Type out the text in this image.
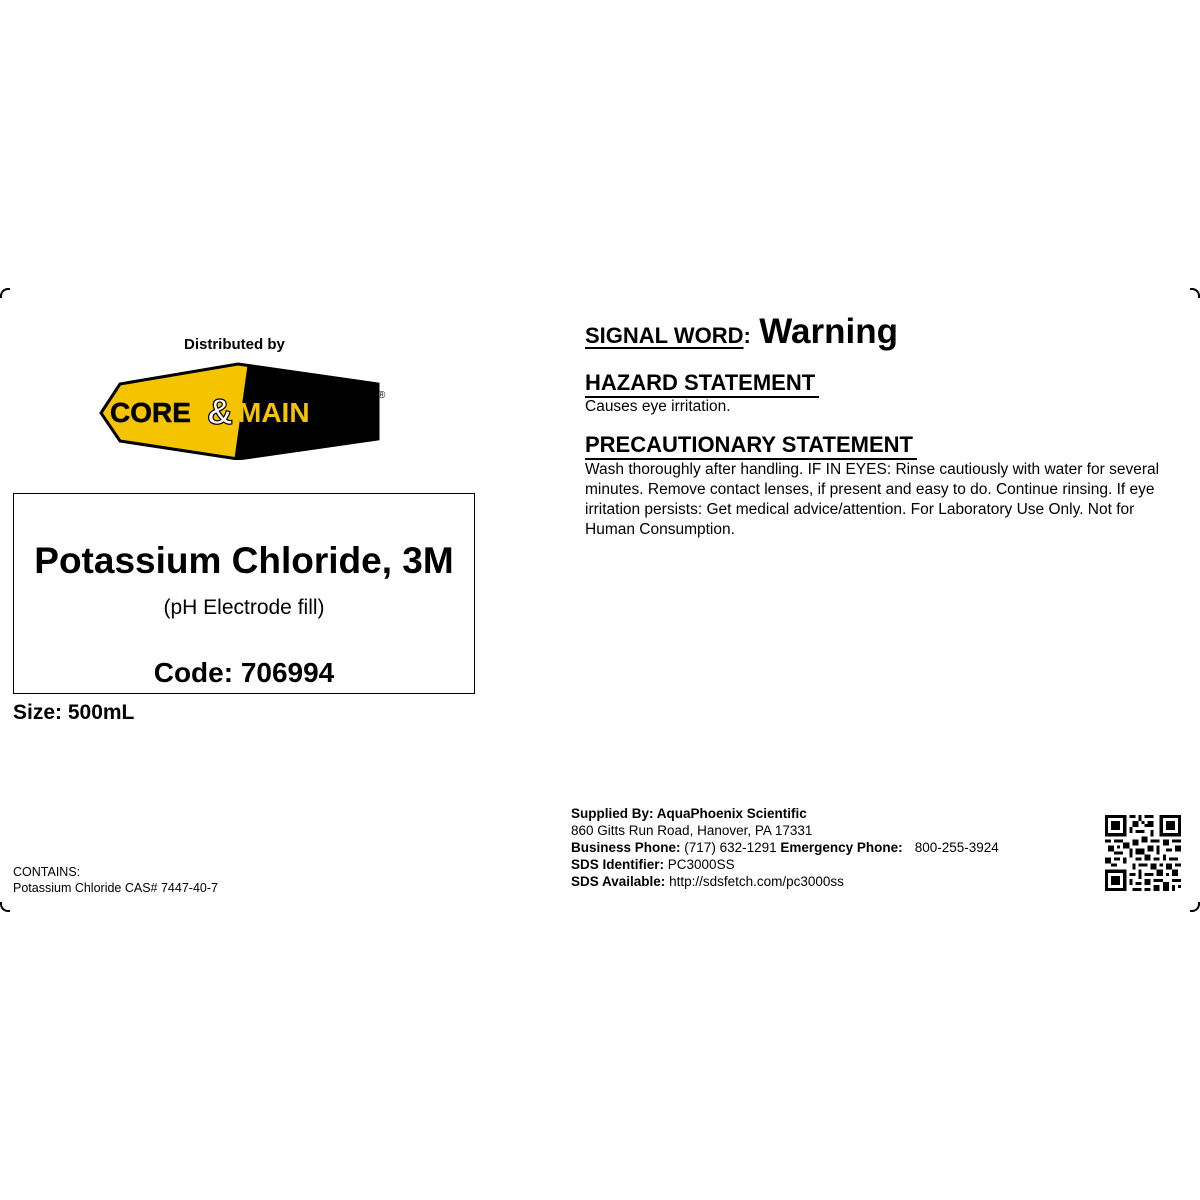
Distributed by
CORE & MAIN
®
Potassium Chloride, 3M
(pH Electrode fill)
Code: 706994
Size: 500mL
CONTAINS:
Potassium Chloride CAS# 7447-40-7
SIGNAL WORD: Warning
HAZARD STATEMENT
Causes eye irritation.
PRECAUTIONARY STATEMENT
Wash thoroughly after handling. IF IN EYES: Rinse cautiously with water for several minutes. Remove contact lenses, if present and easy to do. Continue rinsing. If eye irritation persists: Get medical advice/attention. For Laboratory Use Only. Not for Human Consumption.
Supplied By: AquaPhoenix Scientific
860 Gitts Run Road, Hanover, PA 17331
Business Phone: (717) 632-1291 Emergency Phone: 800-255-3924
SDS Identifier: PC3000SS
SDS Available: http://sdsfetch.com/pc3000ss
